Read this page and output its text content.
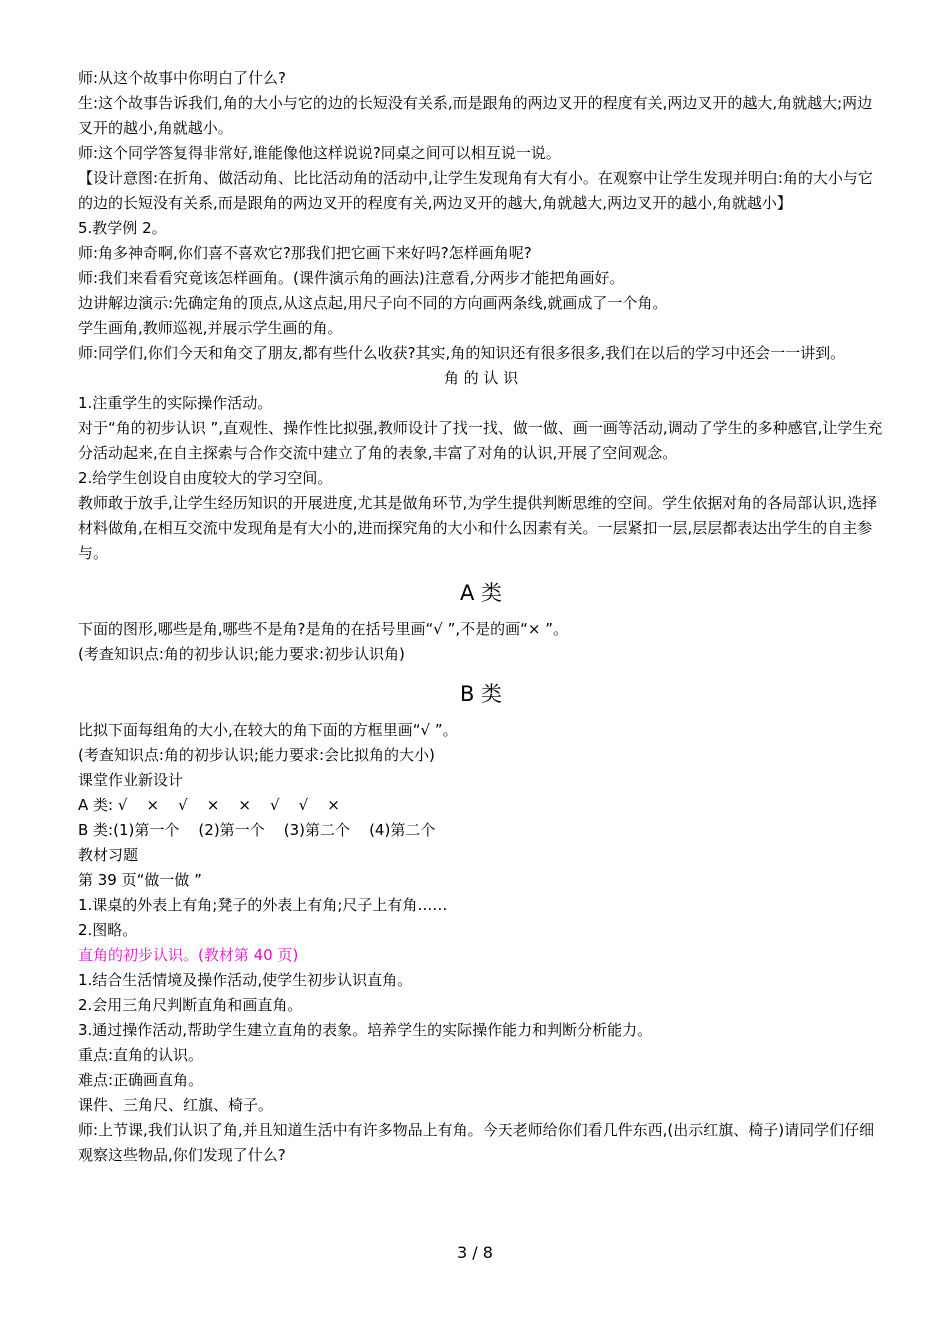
师:从这个故事中你明白了什么?

生:这个故事告诉我们,角的大小与它的边的长短没有关系,而是跟角的两边叉开的程度有关,两边叉开的越大,角就越大;两边叉开的越小,角就越小。

师:这个同学答复得非常好,谁能像他这样说说?同桌之间可以相互说一说。

【设计意图:在折角、做活动角、比比活动角的活动中,让学生发现角有大有小。在观察中让学生发现并明白:角的大小与它的边的长短没有关系,而是跟角的两边叉开的程度有关,两边叉开的越大,角就越大,两边叉开的越小,角就越小】

5.教学例 2。

师:角多神奇啊,你们喜不喜欢它?那我们把它画下来好吗?怎样画角呢?

师:我们来看看究竟该怎样画角。(课件演示角的画法)注意看,分两步才能把角画好。

边讲解边演示:先确定角的顶点,从这点起,用尺子向不同的方向画两条线,就画成了一个角。

学生画角,教师巡视,并展示学生画的角。

师:同学们,你们今天和角交了朋友,都有些什么收获?其实,角的知识还有很多很多,我们在以后的学习中还会一一讲到。

角 的 认 识

1.注重学生的实际操作活动。

对于“角的初步认识 ”,直观性、操作性比拟强,教师设计了找一找、做一做、画一画等活动,调动了学生的多种感官,让学生充分活动起来,在自主探索与合作交流中建立了角的表象,丰富了对角的认识,开展了空间观念。

2.给学生创设自由度较大的学习空间。

教师敢于放手,让学生经历知识的开展进度,尤其是做角环节,为学生提供判断思维的空间。学生依据对角的各局部认识,选择材料做角,在相互交流中发现角是有大小的,进而探究角的大小和什么因素有关。一层紧扣一层,层层都表达出学生的自主参与。

A 类

下面的图形,哪些是角,哪些不是角?是角的在括号里画“√ ”,不是的画“× ”。

(考查知识点:角的初步认识;能力要求:初步认识角)

B 类

比拟下面每组角的大小,在较大的角下面的方框里画“√ ”。

(考查知识点:角的初步认识;能力要求:会比拟角的大小)

课堂作业新设计

A 类: √    ×    √    ×    ×    √    √    ×

B 类:(1)第一个    (2)第一个    (3)第二个    (4)第二个

教材习题

第 39 页“做一做 ”

1.课桌的外表上有角;凳子的外表上有角;尺子上有角……

2.图略。

直角的初步认识。(教材第 40 页)

1.结合生活情境及操作活动,使学生初步认识直角。

2.会用三角尺判断直角和画直角。

3.通过操作活动,帮助学生建立直角的表象。培养学生的实际操作能力和判断分析能力。

重点:直角的认识。

难点:正确画直角。

课件、三角尺、红旗、椅子。

师:上节课,我们认识了角,并且知道生活中有许多物品上有角。今天老师给你们看几件东西,(出示红旗、椅子)请同学们仔细观察这些物品,你们发现了什么?

3 / 8
